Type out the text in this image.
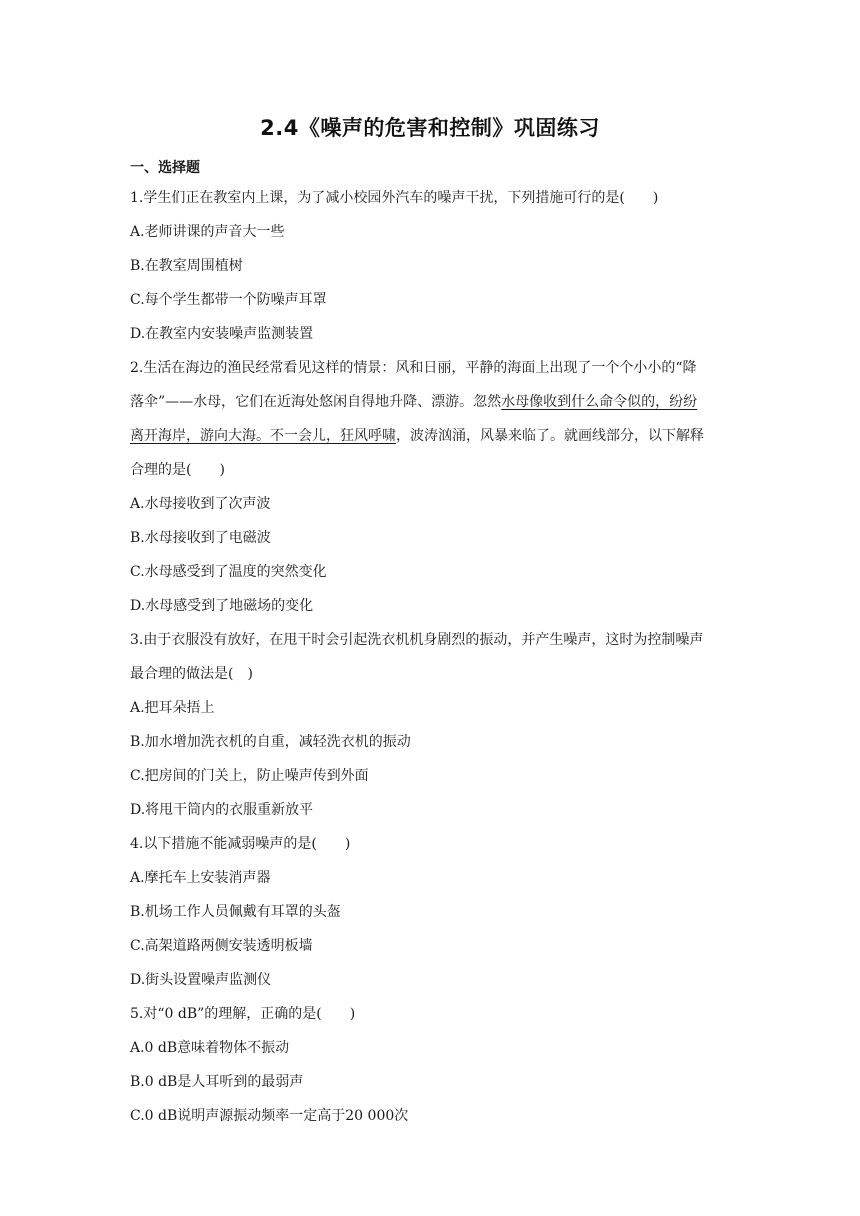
2.4《噪声的危害和控制》巩固练习
一、选择题
1.学生们正在教室内上课，为了减小校园外汽车的噪声干扰，下列措施可行的是(　　)
A.老师讲课的声音大一些
B.在教室周围植树
C.每个学生都带一个防噪声耳罩
D.在教室内安装噪声监测装置
2.生活在海边的渔民经常看见这样的情景：风和日丽，平静的海面上出现了一个个小小的“降
落伞”——水母，它们在近海处悠闲自得地升降、漂游。忽然水母像收到什么命令似的，纷纷
离开海岸，游向大海。不一会儿，狂风呼啸，波涛汹涌，风暴来临了。就画线部分，以下解释
合理的是(　　)
A.水母接收到了次声波
B.水母接收到了电磁波
C.水母感受到了温度的突然变化
D.水母感受到了地磁场的变化
3.由于衣服没有放好，在甩干时会引起洗衣机机身剧烈的振动，并产生噪声，这时为控制噪声
最合理的做法是(　)
A.把耳朵捂上
B.加水增加洗衣机的自重，减轻洗衣机的振动
C.把房间的门关上，防止噪声传到外面
D.将甩干筒内的衣服重新放平
4.以下措施不能减弱噪声的是(　　)
A.摩托车上安装消声器
B.机场工作人员佩戴有耳罩的头盔
C.高架道路两侧安装透明板墙
D.街头设置噪声监测仪
5.对“0 dB”的理解，正确的是(　　)
A.0 dB意味着物体不振动
B.0 dB是人耳听到的最弱声
C.0 dB说明声源振动频率一定高于20 000次
